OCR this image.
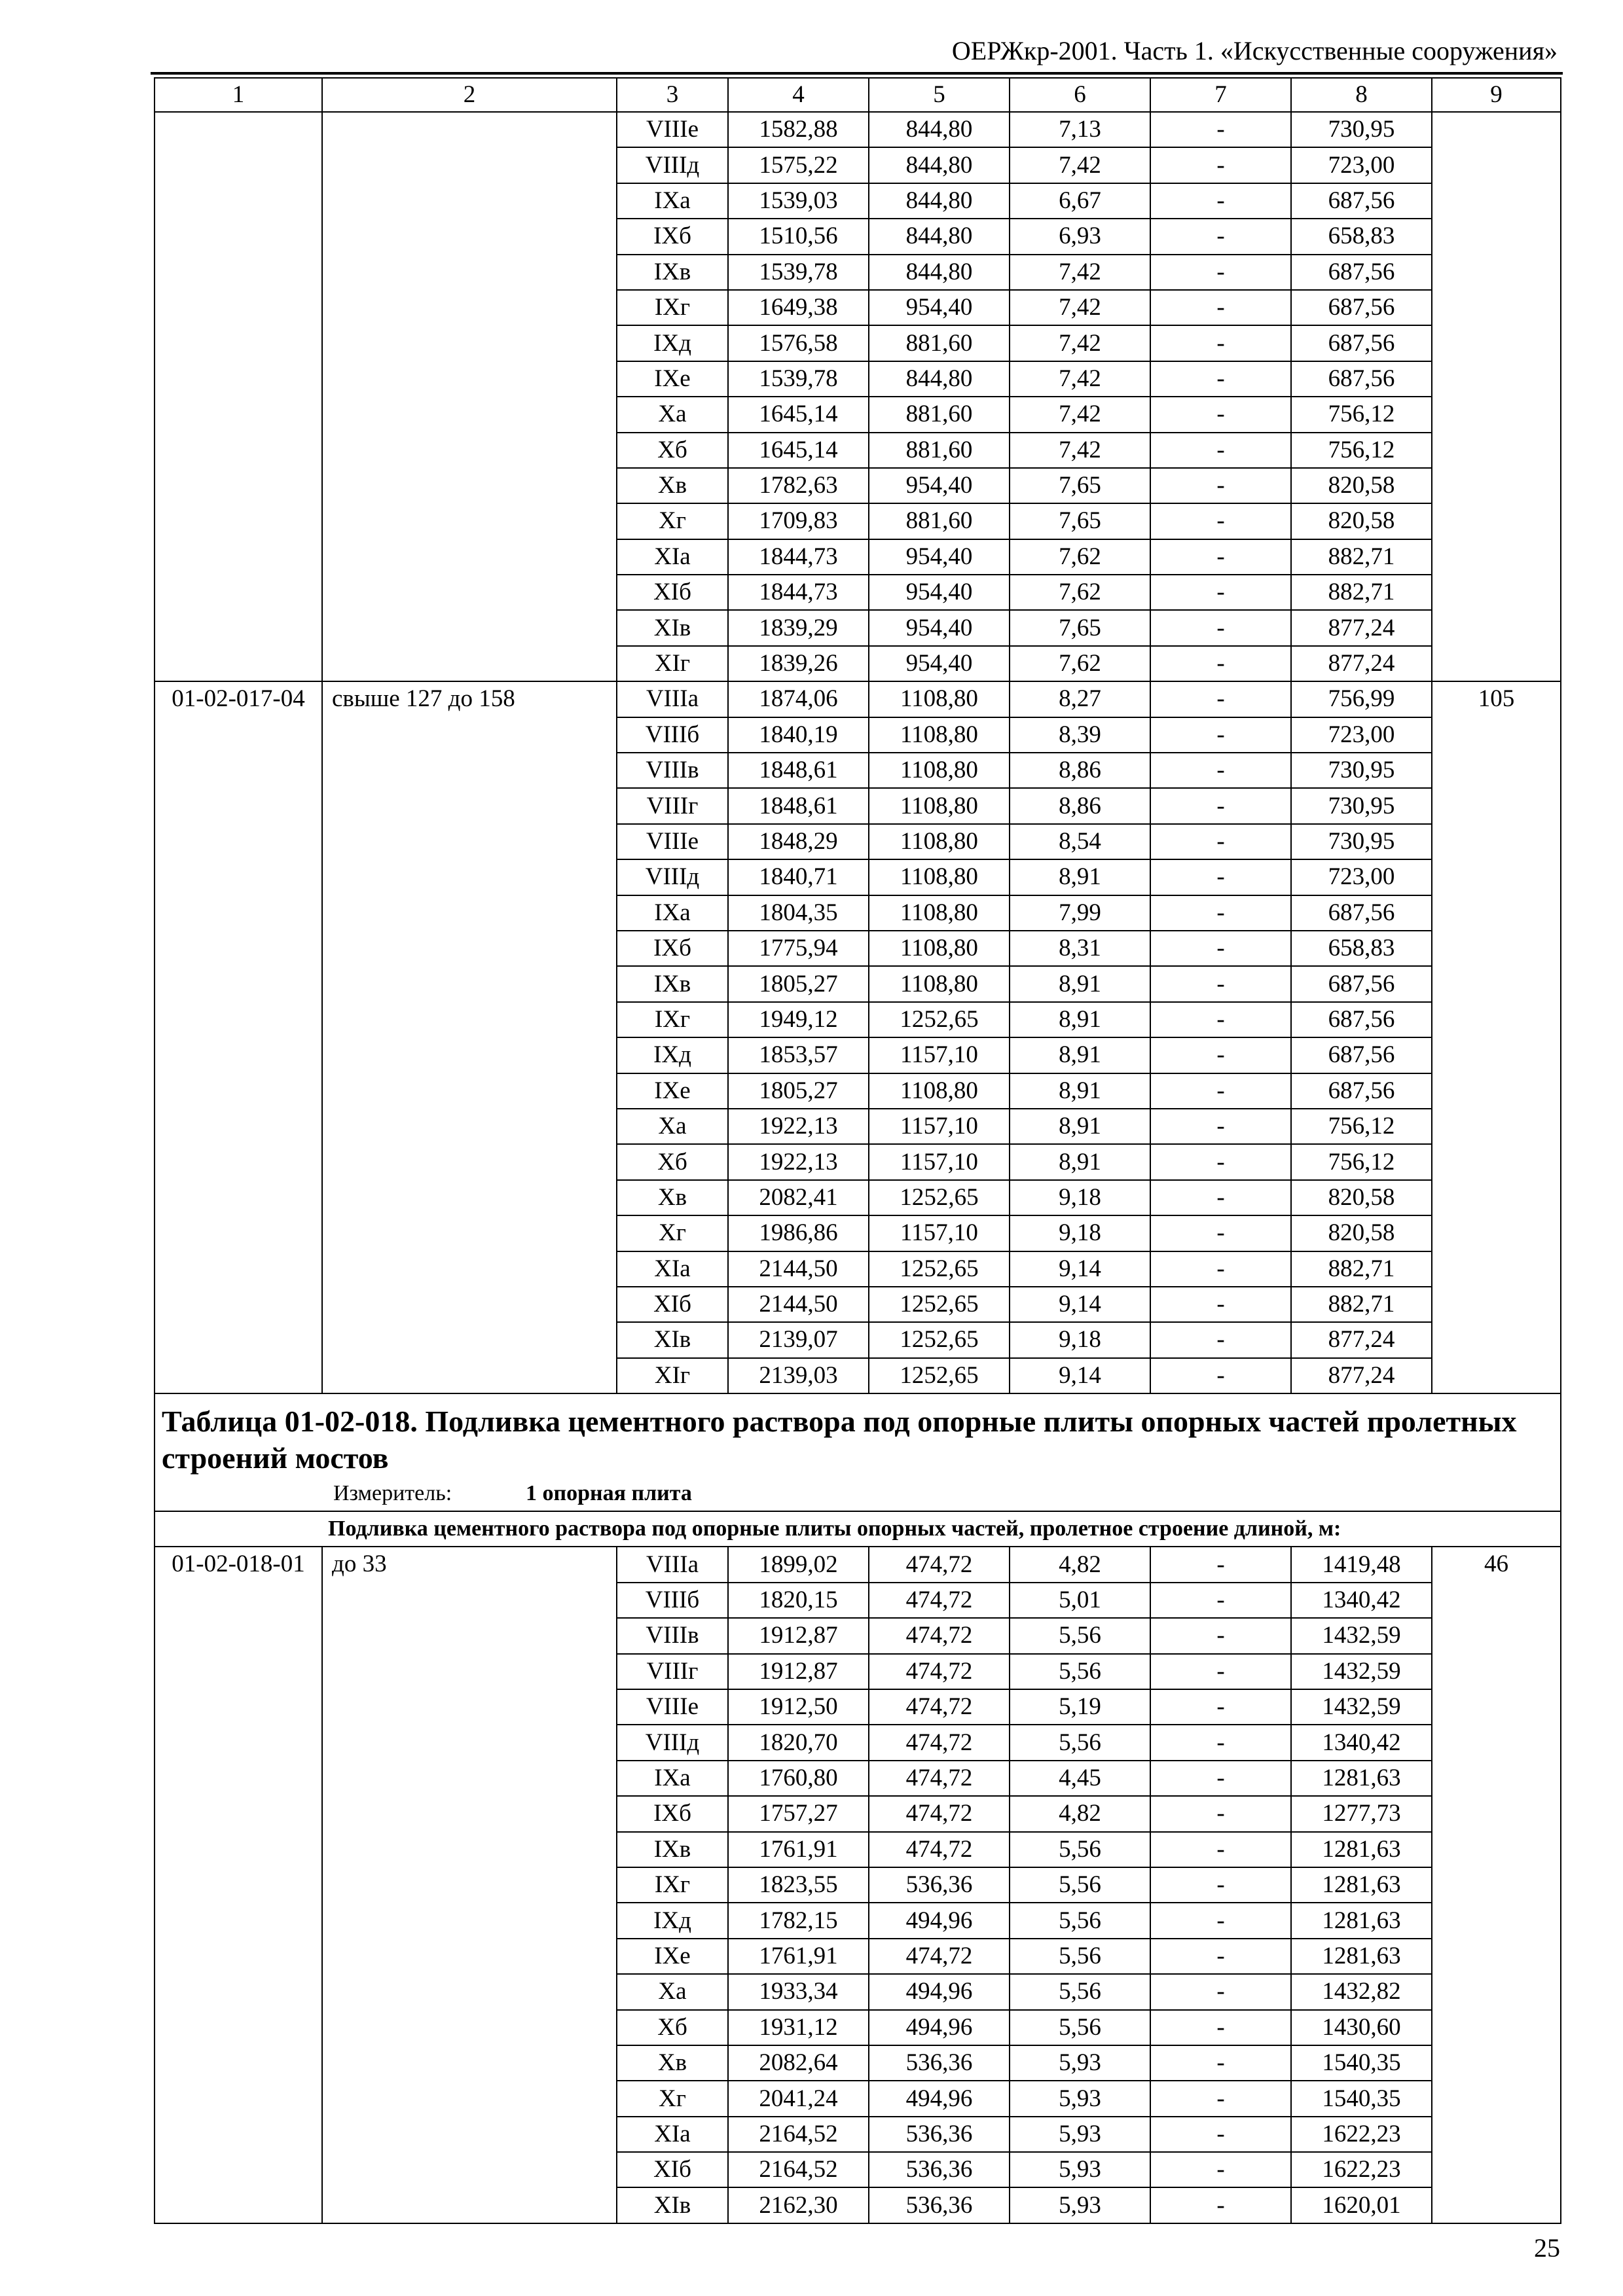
ОЕРЖкр-2001. Часть 1. «Искусственные сооружения»
1	2	3	4	5	6	7	8	9
		VIIIe	1582,88	844,80	7,13	-	730,95	
		VIIIд	1575,22	844,80	7,42	-	723,00	
		IXa	1539,03	844,80	6,67	-	687,56	
		IXб	1510,56	844,80	6,93	-	658,83	
		IXв	1539,78	844,80	7,42	-	687,56	
		IXг	1649,38	954,40	7,42	-	687,56	
		IXд	1576,58	881,60	7,42	-	687,56	
		IXe	1539,78	844,80	7,42	-	687,56	
		Xa	1645,14	881,60	7,42	-	756,12	
		Xб	1645,14	881,60	7,42	-	756,12	
		Xв	1782,63	954,40	7,65	-	820,58	
		Xг	1709,83	881,60	7,65	-	820,58	
		XIa	1844,73	954,40	7,62	-	882,71	
		XIб	1844,73	954,40	7,62	-	882,71	
		XIв	1839,29	954,40	7,65	-	877,24	
		XIг	1839,26	954,40	7,62	-	877,24	
01-02-017-04	свыше 127 до 158	VIIIa	1874,06	1108,80	8,27	-	756,99	105
		VIIIб	1840,19	1108,80	8,39	-	723,00	
		VIIIв	1848,61	1108,80	8,86	-	730,95	
		VIIIг	1848,61	1108,80	8,86	-	730,95	
		VIIIe	1848,29	1108,80	8,54	-	730,95	
		VIIIд	1840,71	1108,80	8,91	-	723,00	
		IXa	1804,35	1108,80	7,99	-	687,56	
		IXб	1775,94	1108,80	8,31	-	658,83	
		IXв	1805,27	1108,80	8,91	-	687,56	
		IXг	1949,12	1252,65	8,91	-	687,56	
		IXд	1853,57	1157,10	8,91	-	687,56	
		IXe	1805,27	1108,80	8,91	-	687,56	
		Xa	1922,13	1157,10	8,91	-	756,12	
		Xб	1922,13	1157,10	8,91	-	756,12	
		Xв	2082,41	1252,65	9,18	-	820,58	
		Xг	1986,86	1157,10	9,18	-	820,58	
		XIa	2144,50	1252,65	9,14	-	882,71	
		XIб	2144,50	1252,65	9,14	-	882,71	
		XIв	2139,07	1252,65	9,18	-	877,24	
		XIг	2139,03	1252,65	9,14	-	877,24	

Таблица 01-02-018. Подливка цементного раствора под опорные плиты опорных частей пролетных строений мостов
Измеритель: 1 опорная плита								

Подливка цементного раствора под опорные плиты опорных частей, пролетное строение длиной, м:								
01-02-018-01	до 33	VIIIa	1899,02	474,72	4,82	-	1419,48	46
		VIIIб	1820,15	474,72	5,01	-	1340,42	
		VIIIв	1912,87	474,72	5,56	-	1432,59	
		VIIIг	1912,87	474,72	5,56	-	1432,59	
		VIIIe	1912,50	474,72	5,19	-	1432,59	
		VIIIд	1820,70	474,72	5,56	-	1340,42	
		IXa	1760,80	474,72	4,45	-	1281,63	
		IXб	1757,27	474,72	4,82	-	1277,73	
		IXв	1761,91	474,72	5,56	-	1281,63	
		IXг	1823,55	536,36	5,56	-	1281,63	
		IXд	1782,15	494,96	5,56	-	1281,63	
		IXe	1761,91	474,72	5,56	-	1281,63	
		Xa	1933,34	494,96	5,56	-	1432,82	
		Xб	1931,12	494,96	5,56	-	1430,60	
		Xв	2082,64	536,36	5,93	-	1540,35	
		Xг	2041,24	494,96	5,93	-	1540,35	
		XIa	2164,52	536,36	5,93	-	1622,23	
		XIб	2164,52	536,36	5,93	-	1622,23	
		XIв	2162,30	536,36	5,93	-	1620,01	
25
